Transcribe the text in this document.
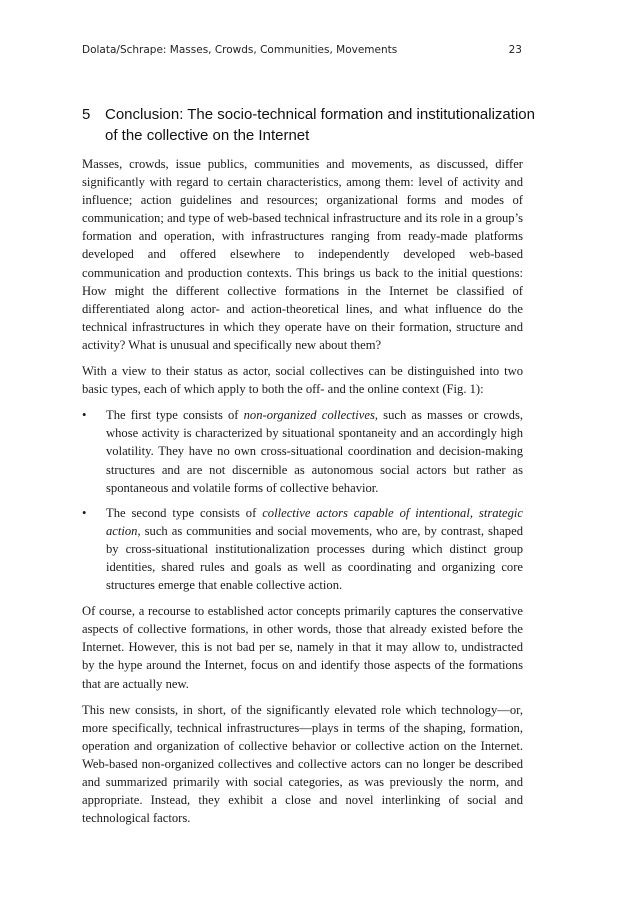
Dolata/Schrape: Masses, Crowds, Communities, Movements	23
5 Conclusion: The socio-technical formation and institutionalization of the collective on the Internet

Masses, crowds, issue publics, communities and movements, as discussed, differ significantly with regard to certain characteristics, among them: level of activity and influence; action guidelines and resources; organizational forms and modes of communication; and type of web-based technical infrastructure and its role in a group’s formation and operation, with infrastructures ranging from ready-made platforms developed and offered elsewhere to independently developed web-based communication and production contexts. This brings us back to the initial questions: How might the different collective formations in the Internet be classified of differentiated along actor- and action-theoretical lines, and what influence do the technical infrastructures in which they operate have on their formation, structure and activity? What is unusual and specifically new about them?

With a view to their status as actor, social collectives can be distinguished into two basic types, each of which apply to both the off- and the online context (Fig. 1):

•	The first type consists of non-organized collectives, such as masses or crowds, whose activity is characterized by situational spontaneity and an accordingly high volatility. They have no own cross-situational coordination and decision-making structures and are not discernible as autonomous social actors but rather as spontaneous and volatile forms of collective behavior.
•	The second type consists of collective actors capable of intentional, strategic action, such as communities and social movements, who are, by contrast, shaped by cross-situational institutionalization processes during which distinct group identities, shared rules and goals as well as coordinating and organizing core structures emerge that enable collective action.

Of course, a recourse to established actor concepts primarily captures the conservative aspects of collective formations, in other words, those that already existed before the Internet. However, this is not bad per se, namely in that it may allow to, undistracted by the hype around the Internet, focus on and identify those aspects of the formations that are actually new.

This new consists, in short, of the significantly elevated role which technology—or, more specifically, technical infrastructures—plays in terms of the shaping, formation, operation and organization of collective behavior or collective action on the Internet. Web-based non-organized collectives and collective actors can no longer be described and summarized primarily with social categories, as was previously the norm, and appropriate. Instead, they exhibit a close and novel interlinking of social and technological factors.
